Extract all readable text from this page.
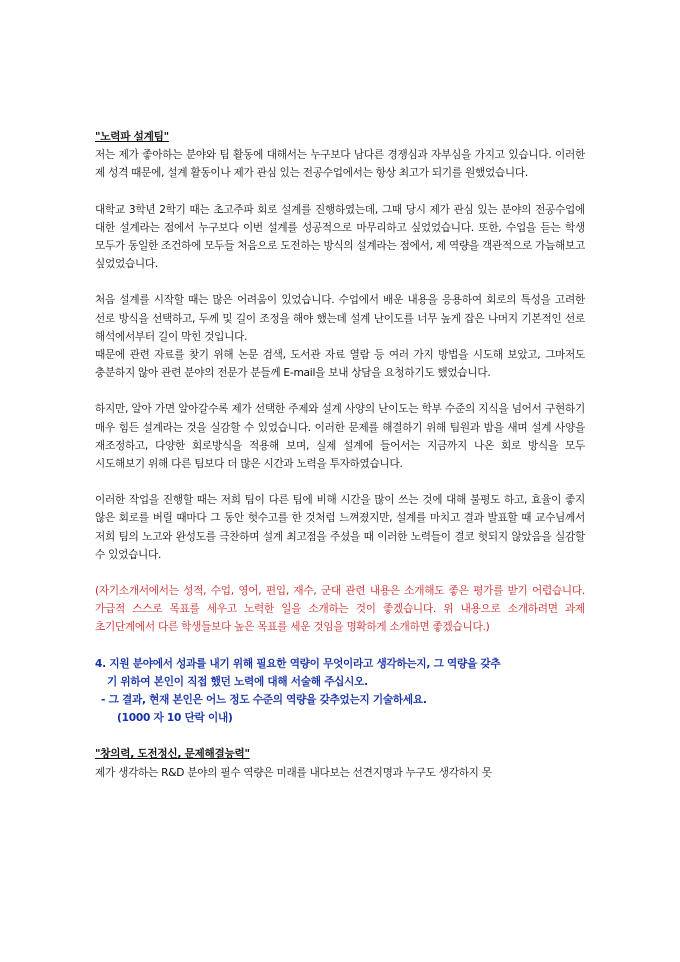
"노력파 설계팀"

저는 제가 좋아하는 분야와 팀 활동에 대해서는 누구보다 남다른 경쟁심과 자부심을 가지고 있습니다. 이러한 제 성격 때문에, 설계 활동이나 제가 관심 있는 전공수업에서는 항상 최고가 되기를 원했었습니다.

대학교 3학년 2학기 때는 초고주파 회로 설계를 진행하였는데, 그때 당시 제가 관심 있는 분야의 전공수업에 대한 설계라는 점에서 누구보다 이번 설계를 성공적으로 마무리하고 싶었었습니다. 또한, 수업을 듣는 학생 모두가 동일한 조건하에 모두들 처음으로 도전하는 방식의 설계라는 점에서, 제 역량을 객관적으로 가늠해보고 싶었었습니다.

처음 설계를 시작할 때는 많은 어려움이 있었습니다. 수업에서 배운 내용을 응용하여 회로의 특성을 고려한 선로 방식을 선택하고, 두께 및 길이 조정을 해야 했는데 설계 난이도를 너무 높게 잡은 나머지 기본적인 선로 해석에서부터 길이 막힌 것입니다.

때문에 관련 자료를 찾기 위해 논문 검색, 도서관 자료 열람 등 여러 가지 방법을 시도해 보았고, 그마저도 충분하지 않아 관련 분야의 전문가 분들께 E-mail을 보내 상담을 요청하기도 했었습니다.

하지만, 알아 가면 알아갈수록 제가 선택한 주제와 설계 사양의 난이도는 학부 수준의 지식을 넘어서 구현하기 매우 힘든 설계라는 것을 실감할 수 있었습니다. 이러한 문제를 해결하기 위해 팀원과 밤을 새며 설계 사양을 재조정하고, 다양한 회로방식을 적용해 보며, 실제 설계에 들어서는 지금까지 나온 회로 방식을 모두 시도해보기 위해 다른 팀보다 더 많은 시간과 노력을 투자하였습니다.

이러한 작업을 진행할 때는 저희 팀이 다른 팀에 비해 시간을 많이 쓰는 것에 대해 불평도 하고, 효율이 좋지 않은 회로를 버릴 때마다 그 동안 헛수고를 한 것처럼 느껴졌지만, 설계를 마치고 결과 발표할 때 교수님께서 저희 팀의 노고와 완성도를 극찬하며 설계 최고점을 주셨을 때 이러한 노력들이 결코 헛되지 않았음을 실감할 수 있었습니다.

(자기소개서에서는 성적, 수업, 영어, 편입, 재수, 군대 관련 내용은 소개해도 좋은 평가를 받기 어렵습니다. 가급적 스스로 목표를 세우고 노력한 일을 소개하는 것이 좋겠습니다. 위 내용으로 소개하려면 과제 초기단계에서 다른 학생들보다 높은 목표를 세운 것임을 명확하게 소개하면 좋겠습니다.)

4. 지원 분야에서 성과를 내기 위해 필요한 역량이 무엇이라고 생각하는지, 그 역량을 갖추
기 위하여 본인이 직접 했던 노력에 대해 서술해 주십시오.
- 그 결과, 현재 본인은 어느 정도 수준의 역량을 갖추었는지 기술하세요.
(1000 자 10 단락 이내)
"창의력, 도전정신, 문제해결능력"

제가 생각하는 R&D 분야의 필수 역량은 미래를 내다보는 선견지명과 누구도 생각하지 못
